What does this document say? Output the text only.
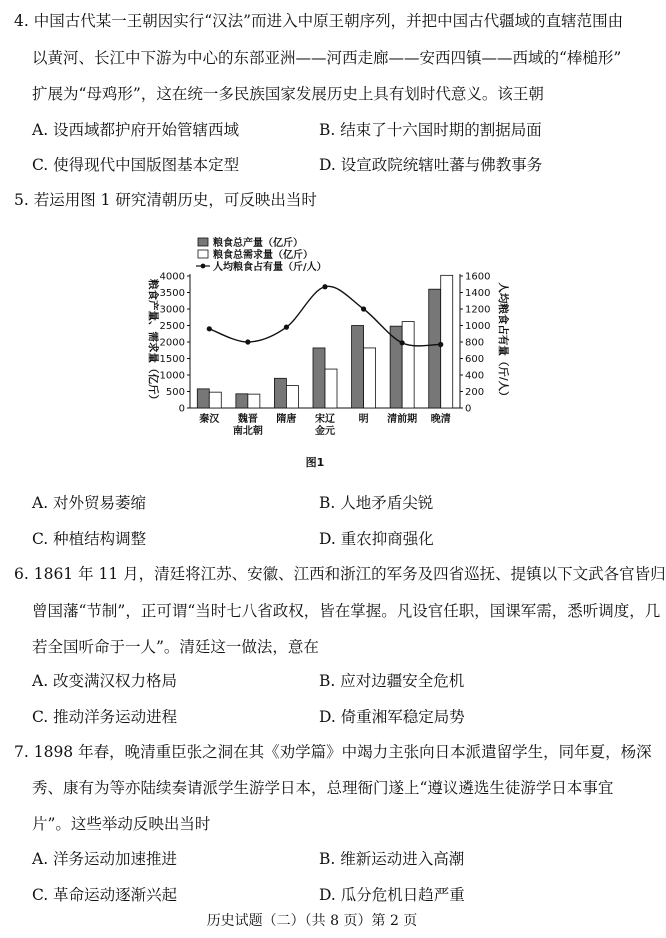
4. 中国古代某一王朝因实行“汉法”而进入中原王朝序列，并把中国古代疆域的直辖范围由
以黄河、长江中下游为中心的东部亚洲——河西走廊——安西四镇——西域的“棒槌形”
扩展为“母鸡形”，这在统一多民族国家发展历史上具有划时代意义。该王朝
A. 设西域都护府开始管辖西域	B. 结束了十六国时期的割据局面
C. 使得现代中国版图基本定型	D. 设宣政院统辖吐蕃与佛教事务
5. 若运用图 1 研究清朝历史，可反映出当时
0
500
1000
1500
2000
2500
3000
3500
4000
0
200
400
600
800
1000
1200
1400
1600
粮食产量、需求量（亿斤）	人均粮食占有量（斤/人）
秦汉 魏晋
南北朝
隋唐 宋辽
金元
明 清前期 晚清
粮食总产量（亿斤）
粮食总需求量（亿斤）
人均粮食占有量（斤/人）
图1
A. 对外贸易萎缩	B. 人地矛盾尖锐
C. 种植结构调整	D. 重农抑商强化
6. 1861 年 11 月，清廷将江苏、安徽、江西和浙江的军务及四省巡抚、提镇以下文武各官皆归
曾国藩“节制”，正可谓“当时七八省政权，皆在掌握。凡设官任职，国课军需，悉听调度，几
若全国听命于一人”。清廷这一做法，意在
A. 改变满汉权力格局	B. 应对边疆安全危机
C. 推动洋务运动进程	D. 倚重湘军稳定局势
7. 1898 年春，晚清重臣张之洞在其《劝学篇》中竭力主张向日本派遣留学生，同年夏，杨深
秀、康有为等亦陆续奏请派学生游学日本，总理衙门遂上“遵议遴选生徒游学日本事宜
片”。这些举动反映出当时
A. 洋务运动加速推进	B. 维新运动进入高潮
C. 革命运动逐渐兴起	D. 瓜分危机日趋严重
历史试题（二）（共 8 页）第 2 页
